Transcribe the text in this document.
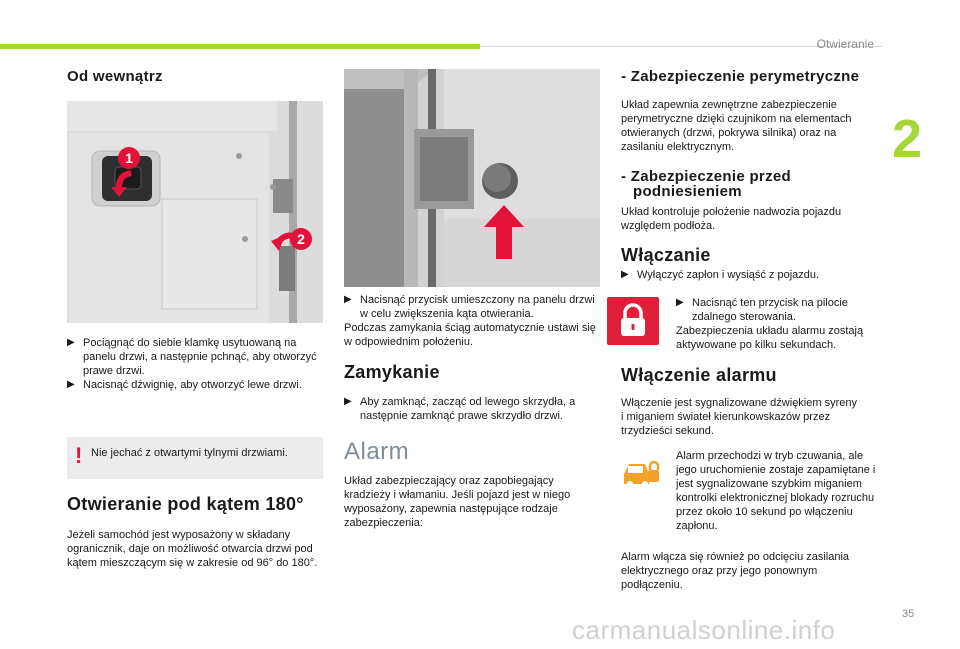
Otwieranie
2
Od wewnątrz
1
2

▶ Pociągnąć do siebie klamkę usytuowaną na panelu drzwi, a następnie pchnąć, aby otworzyć prawe drzwi.

▶ Nacisnąć dźwignię, aby otworzyć lewe drzwi.

! Nie jechać z otwartymi tylnymi drzwiami.

Otwieranie pod kątem 180°

Jeżeli samochód jest wyposażony w składany ogranicznik, daje on możliwość otwarcia drzwi pod kątem mieszczącym się w zakresie od 96° do 180°.

▶ Nacisnąć przycisk umieszczony na panelu drzwi w celu zwiększenia kąta otwierania.

Podczas zamykania ściąg automatycznie ustawi się w odpowiednim położeniu.

Zamykanie

▶ Aby zamknąć, zacząć od lewego skrzydła, a następnie zamknąć prawe skrzydło drzwi.

Alarm

Układ zabezpieczający oraz zapobiegający kradzieży i włamaniu. Jeśli pojazd jest w niego wyposażony, zapewnia następujące rodzaje zabezpieczenia:

- Zabezpieczenie perymetryczne

Układ zapewnia zewnętrzne zabezpieczenie perymetryczne dzięki czujnikom na elementach otwieranych (drzwi, pokrywa silnika) oraz na zasilaniu elektrycznym.

- Zabezpieczenie przed
podniesieniem

Układ kontroluje położenie nadwozia pojazdu względem podłoża.

Włączanie

▶ Wyłączyć zapłon i wysiąść z pojazdu.

▶ Nacisnąć ten przycisk na pilocie zdalnego sterowania.

Zabezpieczenia układu alarmu zostają aktywowane po kilku sekundach.

Włączenie alarmu

Włączenie jest sygnalizowane dźwiękiem syreny i miganiem świateł kierunkowskazów przez trzydzieści sekund.

Alarm przechodzi w tryb czuwania, ale jego uruchomienie zostaje zapamiętane i jest sygnalizowane szybkim miganiem kontrolki elektronicznej blokady rozruchu przez około 10 sekund po włączeniu zapłonu.

Alarm włącza się również po odcięciu zasilania elektrycznego oraz przy jego ponownym podłączeniu.

35
carmanualsonline.info
